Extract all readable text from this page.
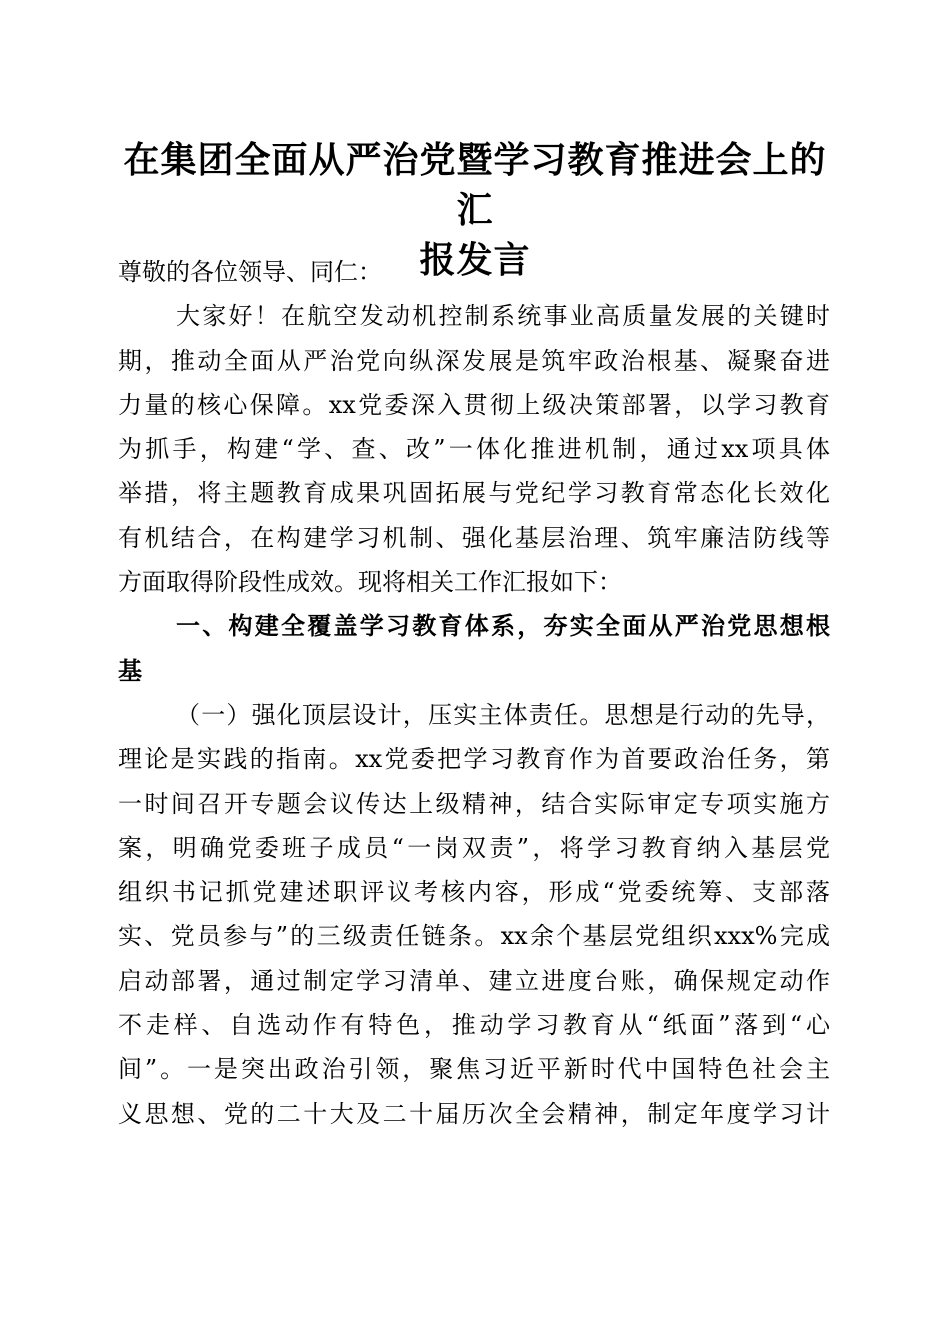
在集团全面从严治党暨学习教育推进会上的汇
报发言
尊敬的各位领导、同仁：
大家好！在航空发动机控制系统事业高质量发展的关键时
期，推动全面从严治党向纵深发展是筑牢政治根基、凝聚奋进
力量的核心保障。xx党委深入贯彻上级决策部署，以学习教育
为抓手，构建“学、查、改”一体化推进机制，通过xx项具体
举措，将主题教育成果巩固拓展与党纪学习教育常态化长效化
有机结合，在构建学习机制、强化基层治理、筑牢廉洁防线等
方面取得阶段性成效。现将相关工作汇报如下：
一、构建全覆盖学习教育体系，夯实全面从严治党思想根
基
（一）强化顶层设计，压实主体责任。思想是行动的先导，
理论是实践的指南。xx党委把学习教育作为首要政治任务，第
一时间召开专题会议传达上级精神，结合实际审定专项实施方
案，明确党委班子成员“一岗双责”，将学习教育纳入基层党
组织书记抓党建述职评议考核内容，形成“党委统筹、支部落
实、党员参与”的三级责任链条。xx余个基层党组织xxx%完成
启动部署，通过制定学习清单、建立进度台账，确保规定动作
不走样、自选动作有特色，推动学习教育从“纸面”落到“心
间”。一是突出政治引领，聚焦习近平新时代中国特色社会主
义思想、党的二十大及二十届历次全会精神，制定年度学习计
